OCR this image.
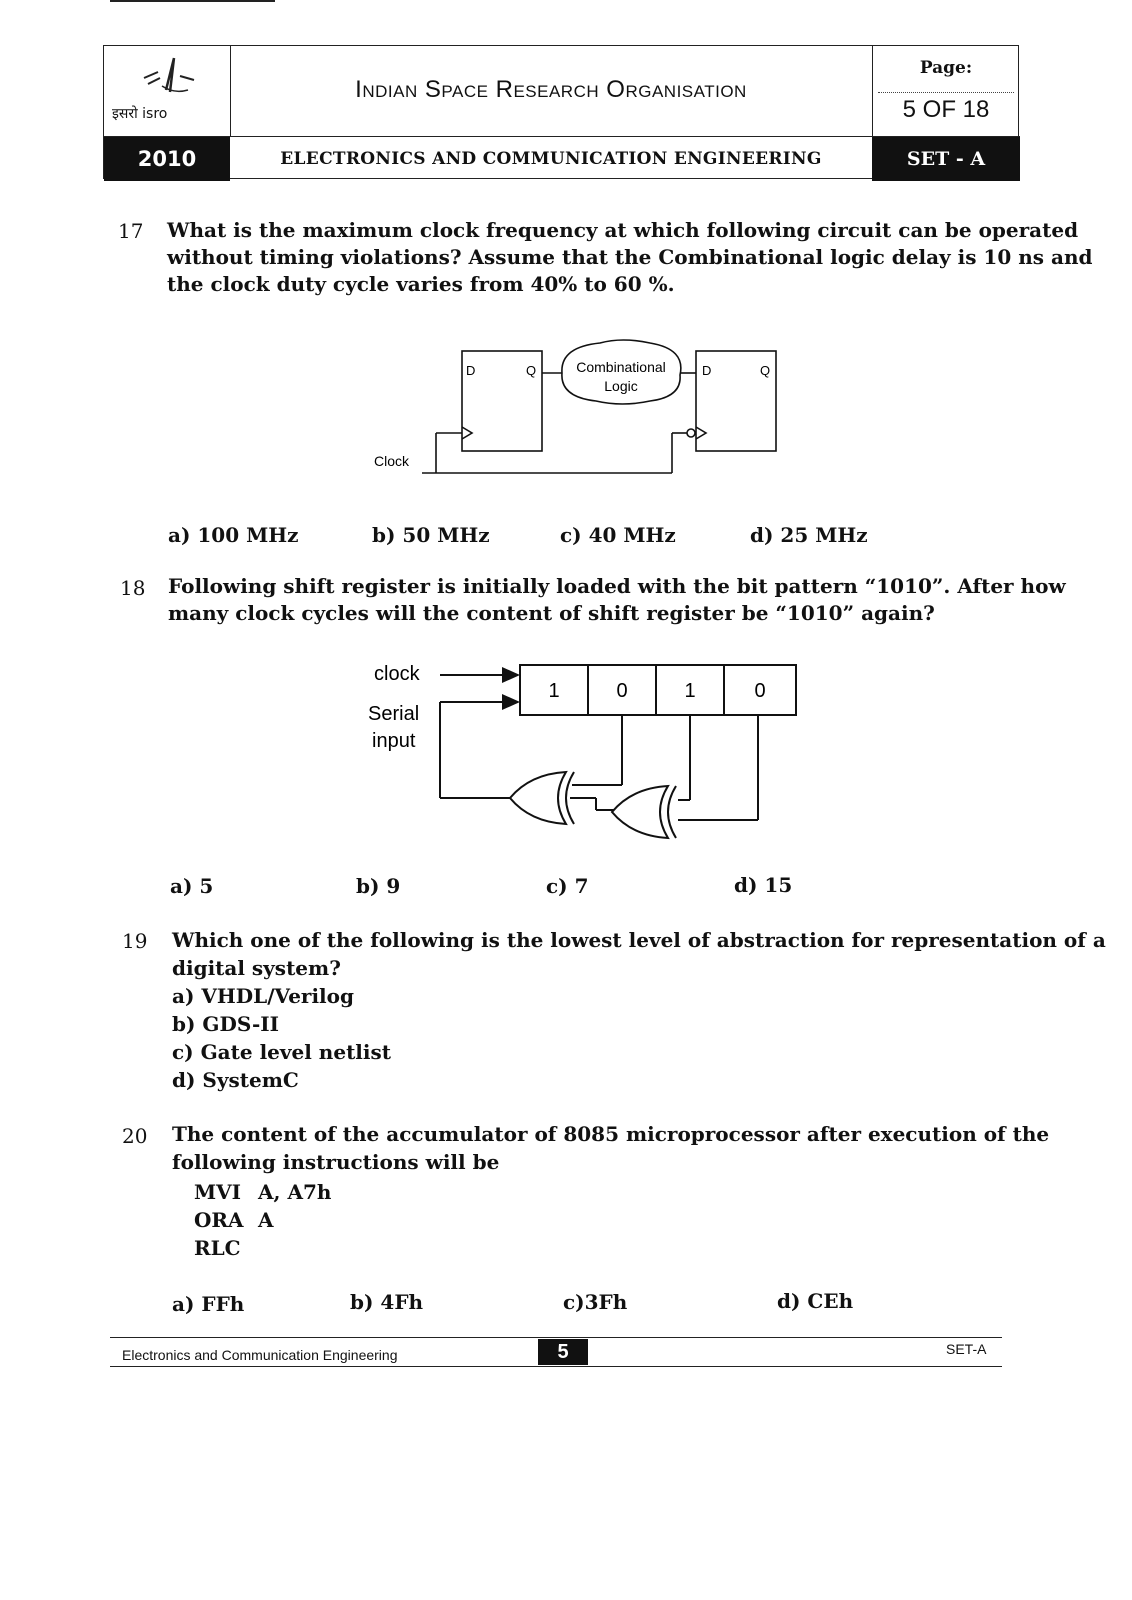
इसरो isro
Indian Space Research Organisation
Page:
5 OF 18
2010	ELECTRONICS AND COMMUNICATION ENGINEERING	SET - A
17 What is the maximum clock frequency at which following circuit can be operated
without timing violations? Assume that the Combinational logic delay is 10 ns and
the clock duty cycle varies from 40% to 60 %.
D	Q	Combinational
Logic
D	Q
Clock
a) 100 MHz	b) 50 MHz	c) 40 MHz	d) 25 MHz
18 Following shift register is initially loaded with the bit pattern “1010”. After how
many clock cycles will the content of shift register be “1010” again?
clock
Serial
input
1	0	1	0
a) 5	b) 9	c) 7	d) 15
19 Which one of the following is the lowest level of abstraction for representation of a
digital system?
a) VHDL/Verilog
b) GDS-II
c) Gate level netlist
d) SystemC
20 The content of the accumulator of 8085 microprocessor after execution of the
following instructions will be
MVI A, A7h
ORA A
RLC
a) FFh	b) 4Fh	c)3Fh	d) CEh
Electronics and Communication Engineering	5	SET-A
